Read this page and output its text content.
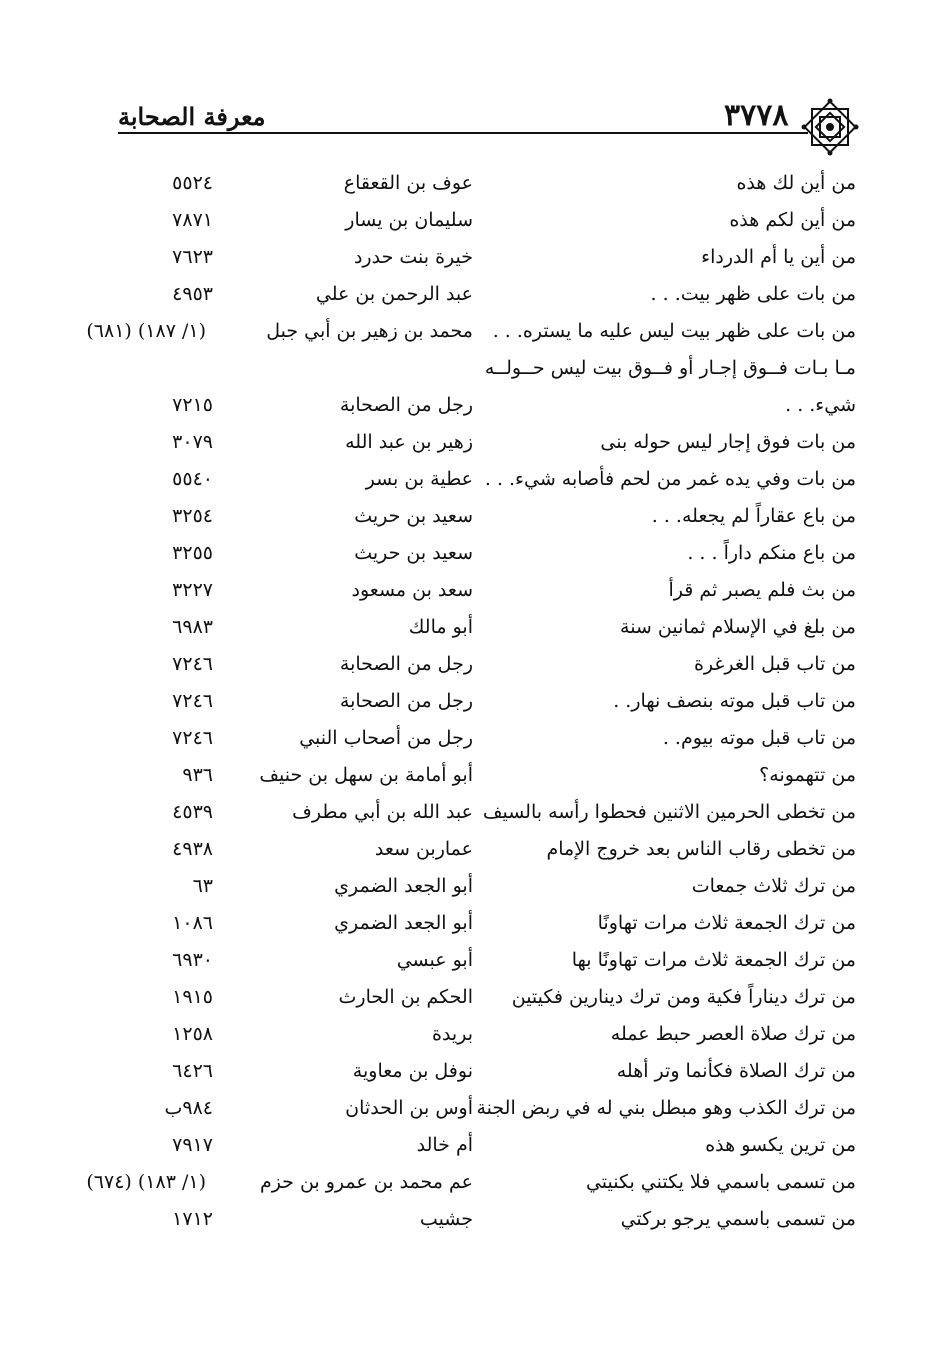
معرفة الصحابة	٣٧٧٨
من أين لك هذه
عوف بن القعقاع
٥٥٢٤
من أين لكم هذه
سليمان بن يسار
٧٨٧١
من أين يا أم الدرداء
خيرة بنت حدرد
٧٦٢٣
من بات على ظهر بيت. . .
عبد الرحمن بن علي
٤٩٥٣
من بات على ظهر بيت ليس عليه ما يستره. . .
محمد بن زهير بن أبي جبل
(١/ ١٨٧) (٦٨١)
مـا بـات فــوق إجـار أو فــوق بيت ليس حــولــه
شيء. . .
رجل من الصحابة
٧٢١٥
من بات فوق إجار ليس حوله بنى
زهير بن عبد الله
٣٠٧٩
من بات وفي يده غمر من لحم فأصابه شيء. . .
عطية بن بسر
٥٥٤٠
من باع عقاراً لم يجعله. . .
سعيد بن حريث
٣٢٥٤
من باع منكم داراً . . .
سعيد بن حريث
٣٢٥٥
من بث فلم يصبر ثم قرأ
سعد بن مسعود
٣٢٢٧
من بلغ في الإسلام ثمانين سنة
أبو مالك
٦٩٨٣
من تاب قبل الغرغرة
رجل من الصحابة
٧٢٤٦
من تاب قبل موته بنصف نهار. .
رجل من الصحابة
٧٢٤٦
من تاب قبل موته بيوم. .
رجل من أصحاب النبي
٧٢٤٦
من تتهمونه؟
أبو أمامة بن سهل بن حنيف
٩٣٦
من تخطى الحرمين الاثنين فحطوا رأسه بالسيف
عبد الله بن أبي مطرف
٤٥٣٩
من تخطى رقاب الناس بعد خروج الإمام
عماربن سعد
٤٩٣٨
من ترك ثلاث جمعات
أبو الجعد الضمري
٦٣
من ترك الجمعة ثلاث مرات تهاونًا
أبو الجعد الضمري
١٠٨٦
من ترك الجمعة ثلاث مرات تهاونًا بها
أبو عبسي
٦٩٣٠
من ترك ديناراً فكية ومن ترك دينارين فكيتين
الحكم بن الحارث
١٩١٥
من ترك صلاة العصر حبط عمله
بريدة
١٢٥٨
من ترك الصلاة فكأنما وتر أهله
نوفل بن معاوية
٦٤٢٦
من ترك الكذب وهو مبطل بني له في ربض الجنة
أوس بن الحدثان
٩٨٤ب
من ترين يكسو هذه
أم خالد
٧٩١٧
من تسمى باسمي فلا يكتني بكنيتي
عم محمد بن عمرو بن حزم
(١/ ١٨٣) (٦٧٤)
من تسمى باسمي يرجو بركتي
جشيب
١٧١٢
